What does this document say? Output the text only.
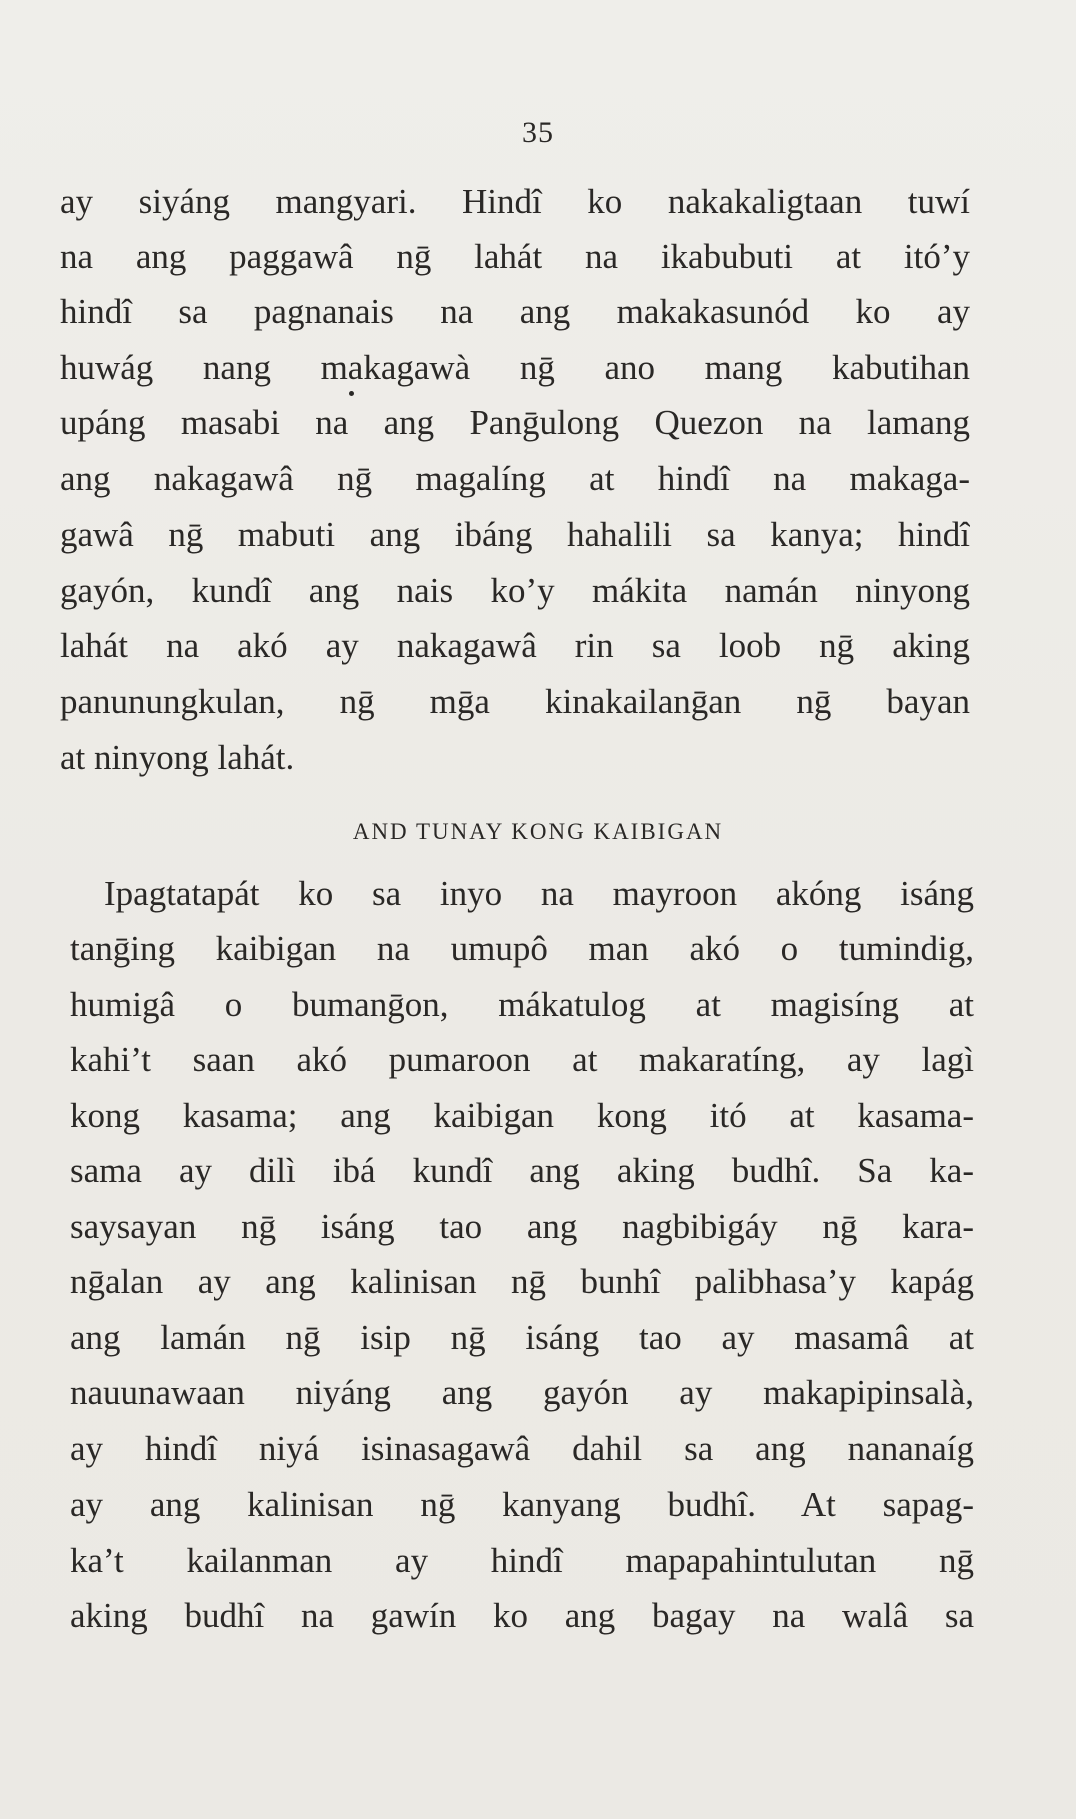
35
ay siyáng mangyari. Hindî ko nakakaligtaan tuwí
na ang paggawâ nḡ lahát na ikabubuti at itó’y
hindî sa pagnanais na ang makakasunód ko ay
huwág nang makagawà nḡ ano mang kabutihan
upáng masabi na ang Panḡulong Quezon na lamang
ang nakagawâ nḡ magalíng at hindî na makaga-
gawâ nḡ mabuti ang ibáng hahalili sa kanya; hindî
gayón, kundî ang nais ko’y mákita namán ninyong
lahát na akó ay nakagawâ rin sa loob nḡ aking
panunungkulan, nḡ mḡa kinakailanḡan nḡ bayan
at ninyong lahát.
AND TUNAY KONG KAIBIGAN
Ipagtatapát ko sa inyo na mayroon akóng isáng
tanḡing kaibigan na umupô man akó o tumindig,
humigâ o bumanḡon, mákatulog at magisíng at
kahi’t saan akó pumaroon at makaratíng, ay lagì
kong kasama; ang kaibigan kong itó at kasama-
sama ay dilì ibá kundî ang aking budhî. Sa ka-
saysayan nḡ isáng tao ang nagbibigáy nḡ kara-
nḡalan ay ang kalinisan nḡ bunhî palibhasa’y kapág
ang lamán nḡ isip nḡ isáng tao ay masamâ at
nauunawaan niyáng ang gayón ay makapipinsalà,
ay hindî niyá isinasagawâ dahil sa ang nananaíg
ay ang kalinisan nḡ kanyang budhî. At sapag-
ka’t kailanman ay hindî mapapahintulutan nḡ
aking budhî na gawín ko ang bagay na walâ sa
